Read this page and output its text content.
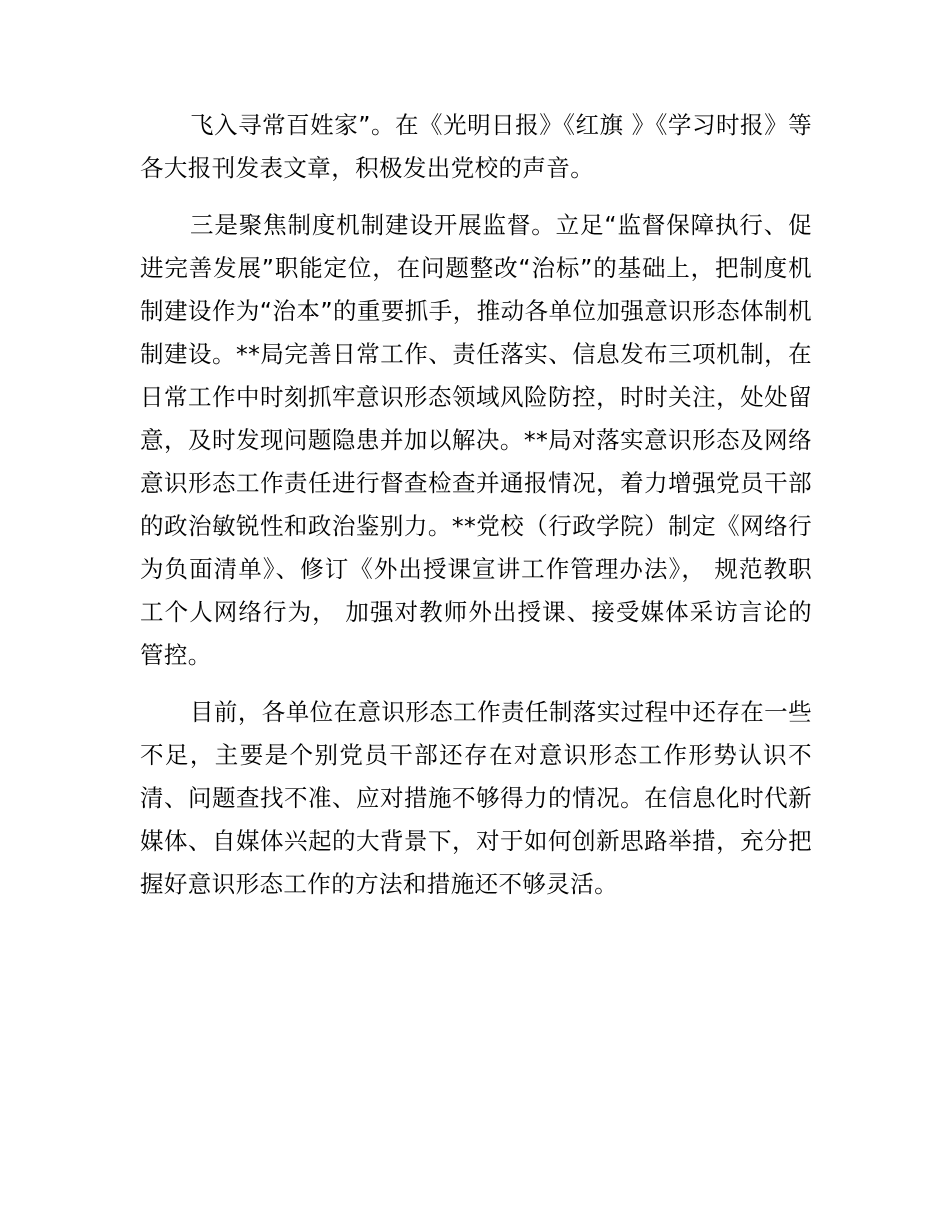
飞入寻常百姓家”。在《光明日报》《红旗 》《学习时报》等各大报刊发表文章，积极发出党校的声音。

三是聚焦制度机制建设开展监督。立足“监督保障执行、促进完善发展”职能定位，在问题整改“治标”的基础上，把制度机制建设作为“治本”的重要抓手，推动各单位加强意识形态体制机制建设。**局完善日常工作、责任落实、信息发布三项机制，在日常工作中时刻抓牢意识形态领域风险防控，时时关注，处处留意，及时发现问题隐患并加以解决。**局对落实意识形态及网络意识形态工作责任进行督查检查并通报情况，着力增强党员干部的政治敏锐性和政治鉴别力。**党校（行政学院）制定《网络行为负面清单》、修订《外出授课宣讲工作管理办法》， 规范教职工个人网络行为， 加强对教师外出授课、接受媒体采访言论的管控。

目前，各单位在意识形态工作责任制落实过程中还存在一些不足，主要是个别党员干部还存在对意识形态工作形势认识不清、问题查找不准、应对措施不够得力的情况。在信息化时代新媒体、自媒体兴起的大背景下，对于如何创新思路举措，充分把握好意识形态工作的方法和措施还不够灵活。
